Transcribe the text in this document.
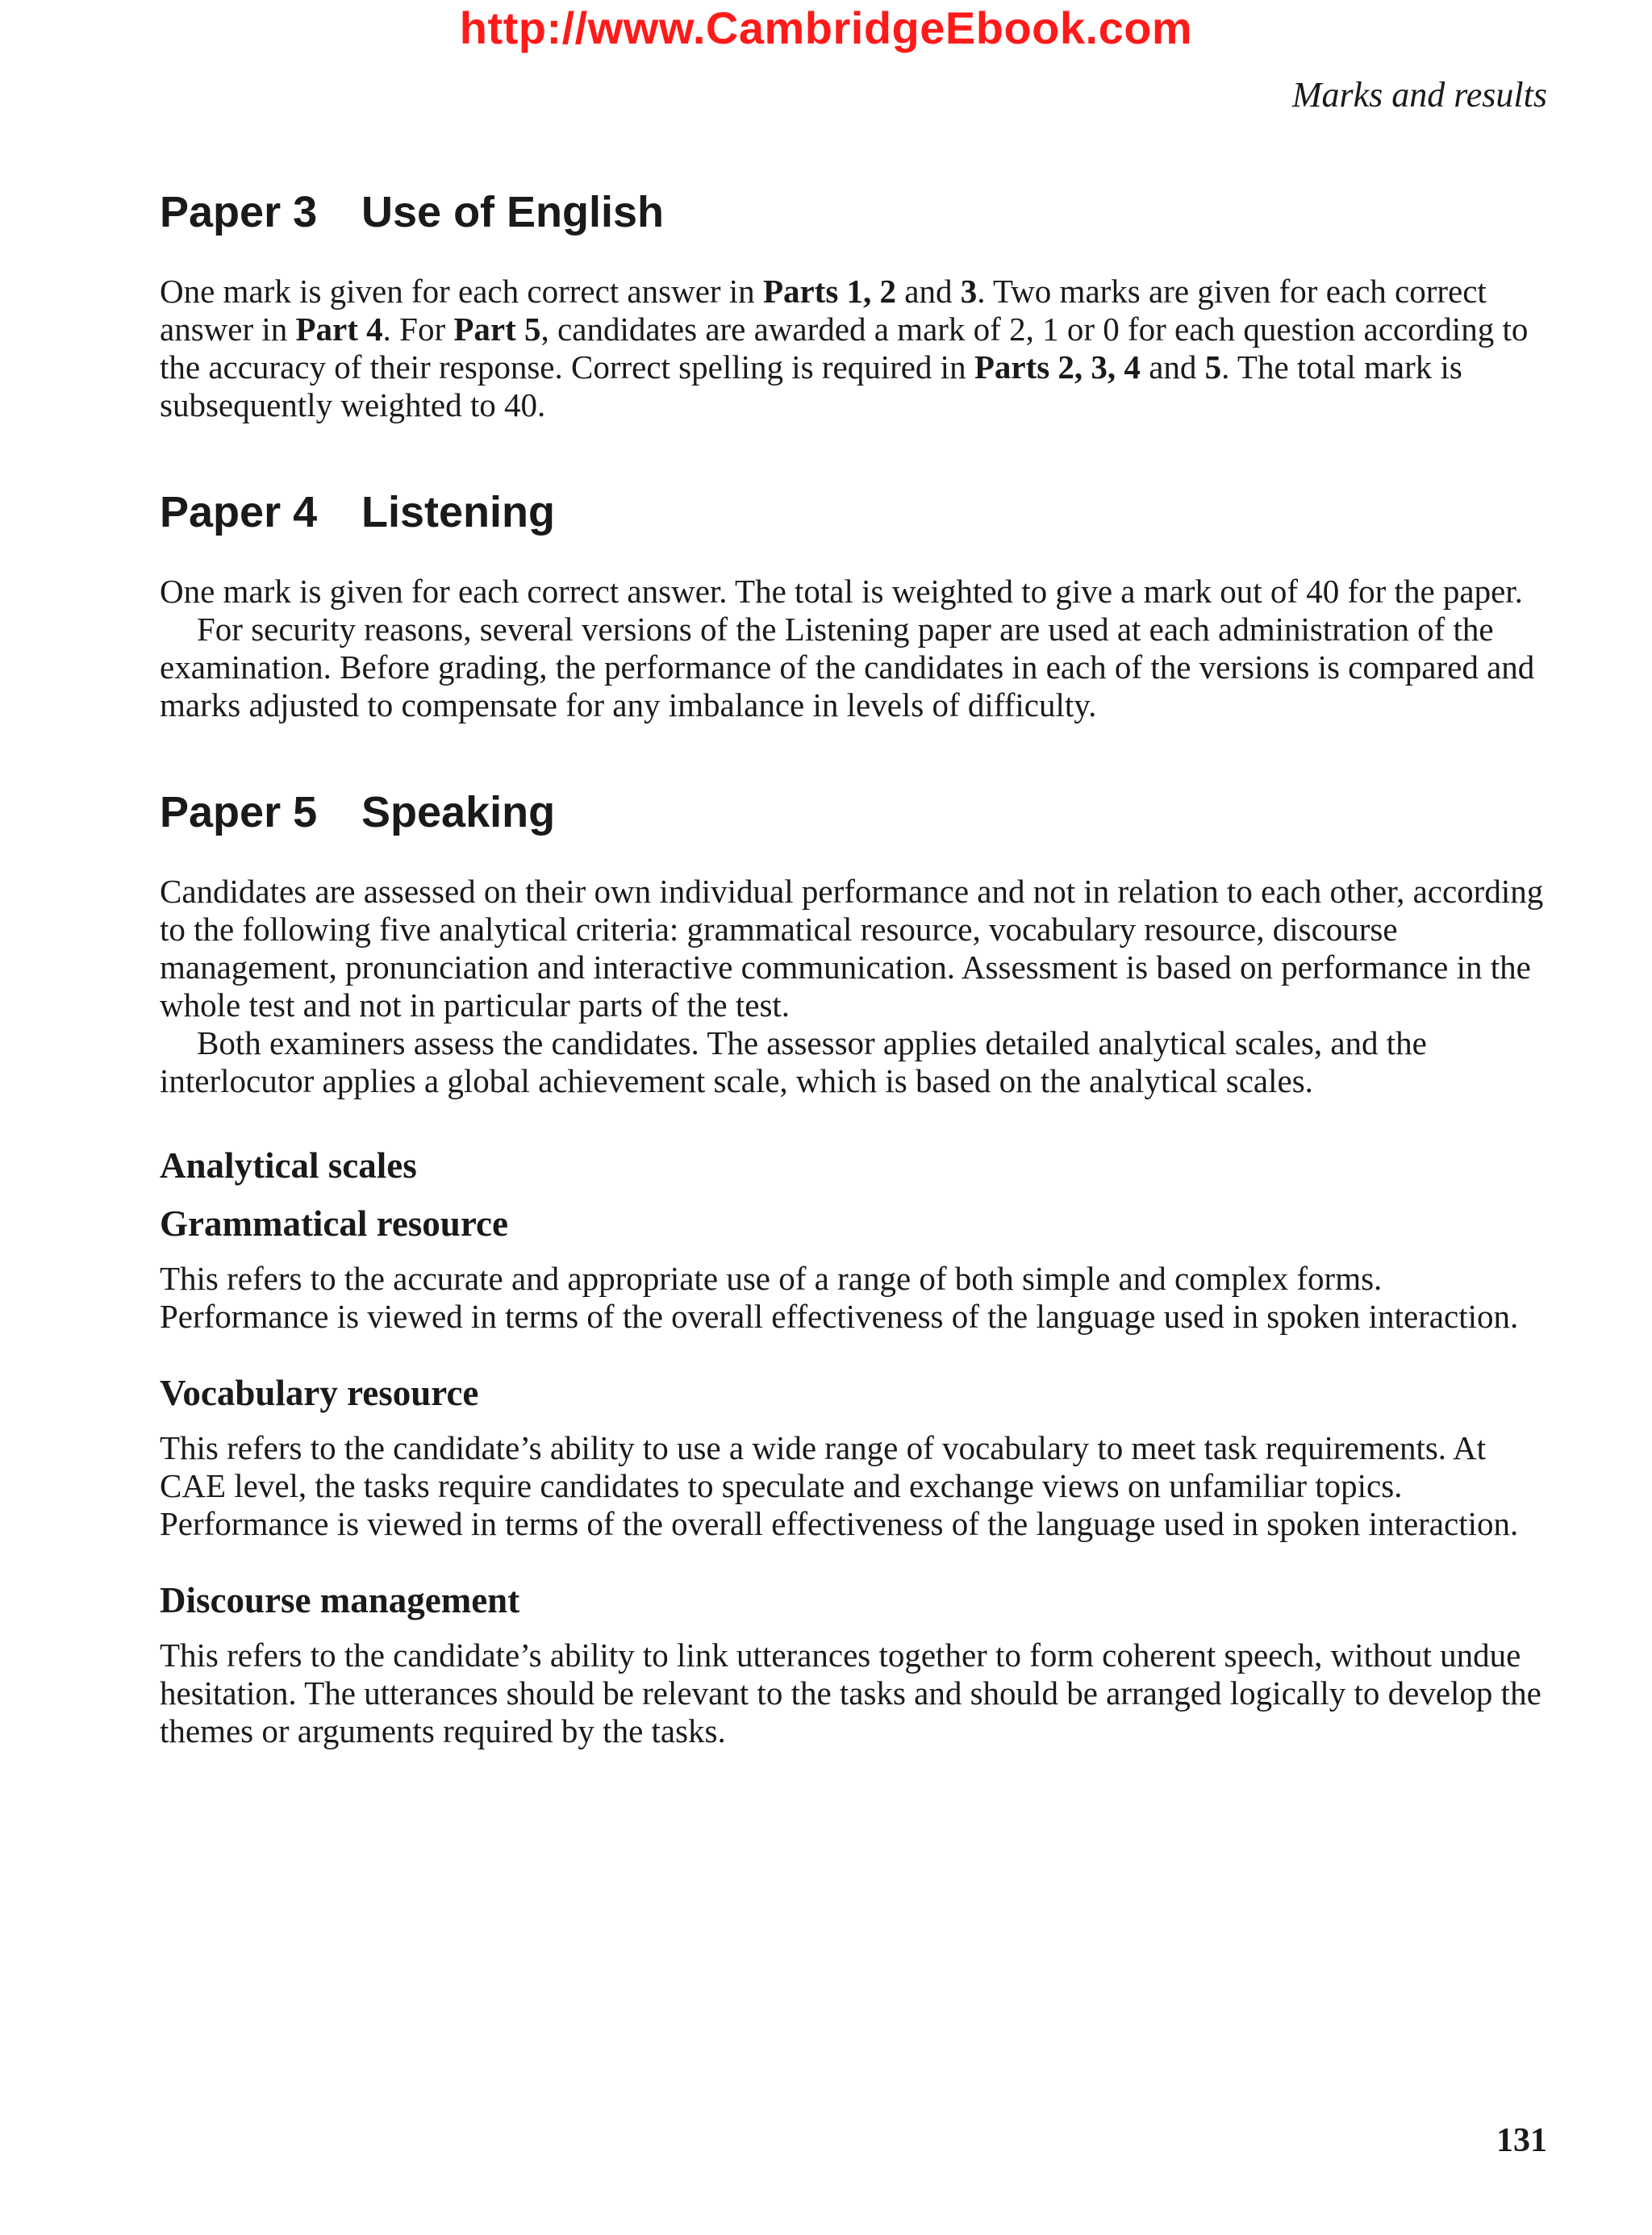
http://www.CambridgeEbook.com
Marks and results
Paper 3	Use of English

One mark is given for each correct answer in Parts 1, 2 and 3. Two marks are given for each correct answer in Part 4. For Part 5, candidates are awarded a mark of 2, 1 or 0 for each question according to the accuracy of their response. Correct spelling is required in Parts 2, 3, 4 and 5. The total mark is subsequently weighted to 40.

Paper 4	Listening

One mark is given for each correct answer. The total is weighted to give a mark out of 40 for the paper.

For security reasons, several versions of the Listening paper are used at each administration of the examination. Before grading, the performance of the candidates in each of the versions is compared and marks adjusted to compensate for any imbalance in levels of difficulty.

Paper 5	Speaking

Candidates are assessed on their own individual performance and not in relation to each other, according to the following five analytical criteria: grammatical resource, vocabulary resource, discourse management, pronunciation and interactive communication. Assessment is based on performance in the whole test and not in particular parts of the test.

Both examiners assess the candidates. The assessor applies detailed analytical scales, and the interlocutor applies a global achievement scale, which is based on the analytical scales.

Analytical scales
Grammatical resource

This refers to the accurate and appropriate use of a range of both simple and complex forms. Performance is viewed in terms of the overall effectiveness of the language used in spoken interaction.

Vocabulary resource

This refers to the candidate’s ability to use a wide range of vocabulary to meet task requirements. At CAE level, the tasks require candidates to speculate and exchange views on unfamiliar topics. Performance is viewed in terms of the overall effectiveness of the language used in spoken interaction.

Discourse management

This refers to the candidate’s ability to link utterances together to form coherent speech, without undue hesitation. The utterances should be relevant to the tasks and should be arranged logically to develop the themes or arguments required by the tasks.

131
